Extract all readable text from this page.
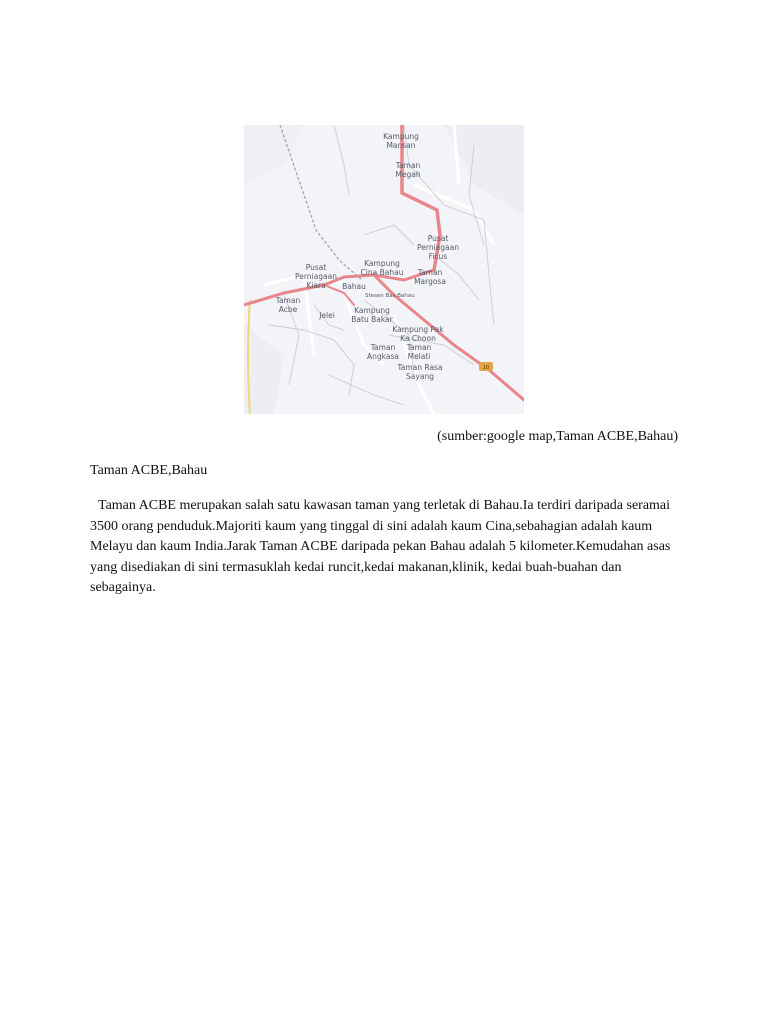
Kampung Mansan
Taman Megah
Pusat Perniagaan Ficus
Pusat Perniagaan Kiara
Kampung Cina Bahau	Taman Margosa
Bahau
Stesen Bas Bahau
Taman Acbe
Jelei
Kampung Batu Bakar
Kampung Pak Ka Choon
Taman Angkasa
Taman Melati
Taman Rasa Sayang
10
(sumber:google map,Taman ACBE,Bahau)
Taman ACBE,Bahau

Taman ACBE merupakan salah satu kawasan taman yang terletak di Bahau.Ia terdiri daripada seramai 3500 orang penduduk.Majoriti kaum yang tinggal di sini adalah kaum Cina,sebahagian adalah kaum Melayu dan kaum India.Jarak Taman ACBE daripada pekan Bahau adalah 5 kilometer.Kemudahan asas yang disediakan di sini termasuklah kedai runcit,kedai makanan,klinik, kedai buah-buahan dan sebagainya.
